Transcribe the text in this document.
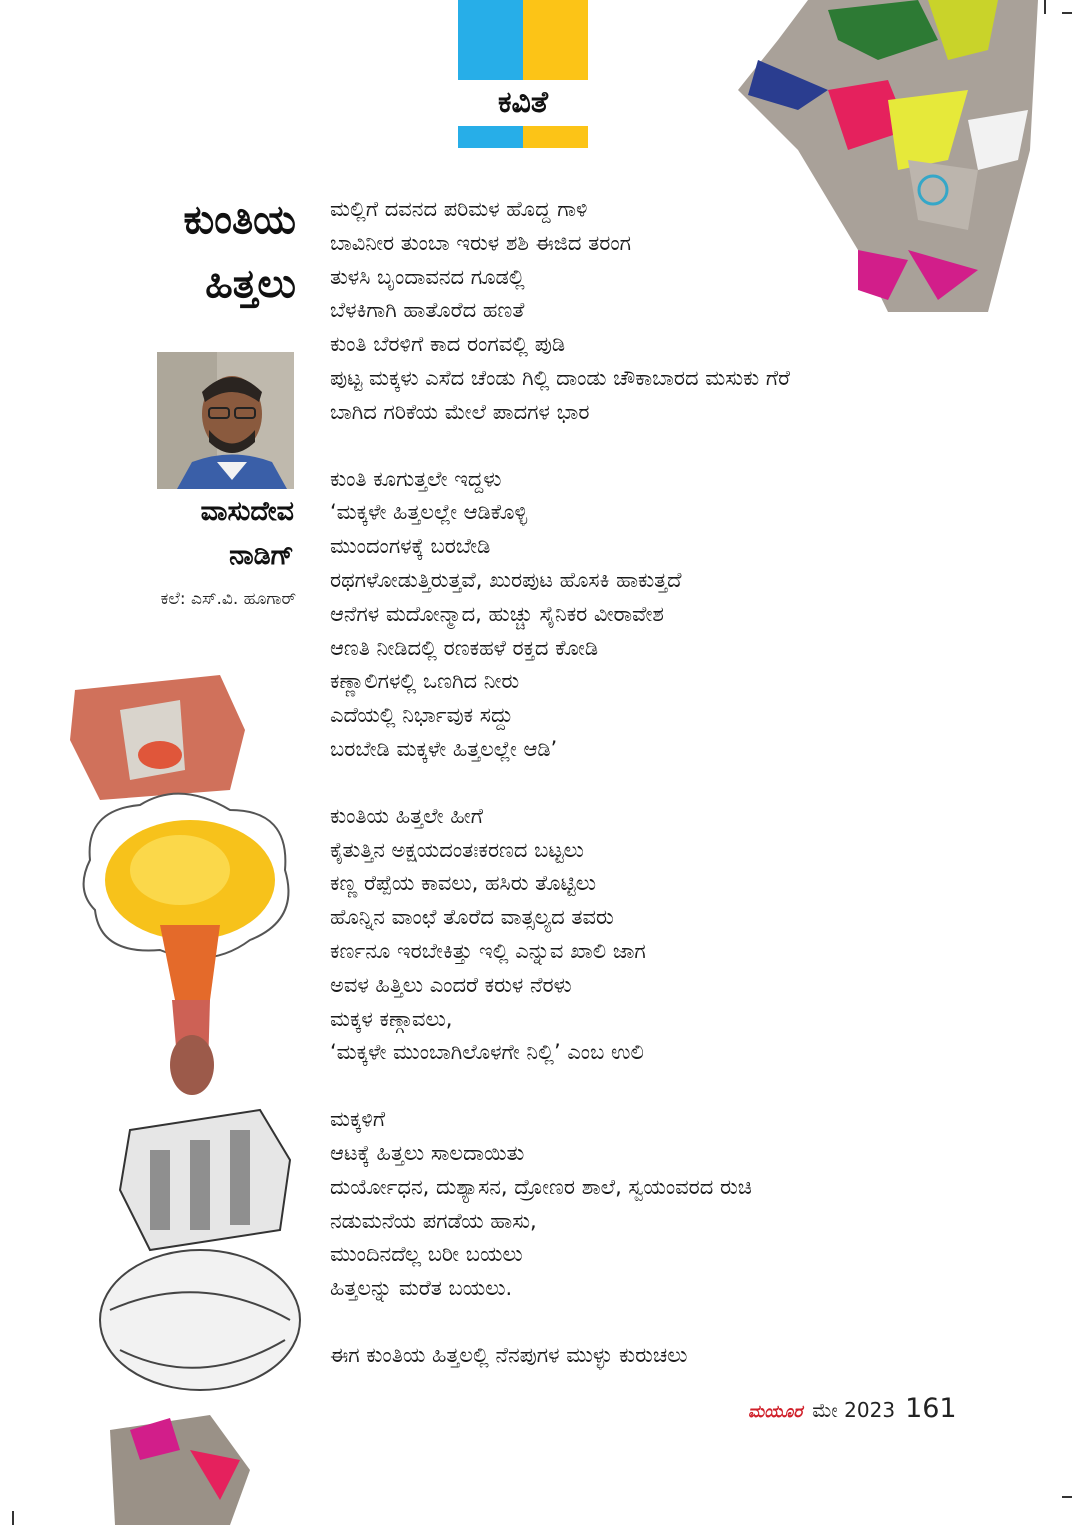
ಕವಿತೆ
ಕುಂತಿಯ
ಹಿತ್ತಲು
ವಾಸುದೇವ
ನಾಡಿಗ್
ಕಲೆ: ಎಸ್‌.ವಿ. ಹೂಗಾರ್
ಮಲ್ಲಿಗೆ ದವನದ ಪರಿಮಳ ಹೊದ್ದ ಗಾಳಿ
ಬಾವಿನೀರ ತುಂಬಾ ಇರುಳ ಶಶಿ ಈಜಿದ ತರಂಗ
ತುಳಸಿ ಬೃಂದಾವನದ ಗೂಡಲ್ಲಿ
ಬೆಳಕಿಗಾಗಿ ಹಾತೊರೆದ ಹಣತೆ
ಕುಂತಿ ಬೆರಳಿಗೆ ಕಾದ ರಂಗವಲ್ಲಿ ಪುಡಿ
ಪುಟ್ಟ ಮಕ್ಕಳು ಎಸೆದ ಚೆಂಡು ಗಿಲ್ಲಿ ದಾಂಡು ಚೌಕಾಬಾರದ ಮಸುಕು ಗೆರೆ
ಬಾಗಿದ ಗರಿಕೆಯ ಮೇಲೆ ಪಾದಗಳ ಭಾರ
ಕುಂತಿ ಕೂಗುತ್ತಲೇ ಇದ್ದಳು
‘ಮಕ್ಕಳೇ ಹಿತ್ತಲಲ್ಲೇ ಆಡಿಕೊಳ್ಳಿ
ಮುಂದಂಗಳಕ್ಕೆ ಬರಬೇಡಿ
ರಥಗಳೋಡುತ್ತಿರುತ್ತವೆ, ಖುರಪುಟ ಹೊಸಕಿ ಹಾಕುತ್ತದೆ
ಆನೆಗಳ ಮದೋನ್ಮಾದ, ಹುಚ್ಚು ಸೈನಿಕರ ವೀರಾವೇಶ
ಆಣತಿ ನೀಡಿದಲ್ಲಿ ರಣಕಹಳೆ ರಕ್ತದ ಕೋಡಿ
ಕಣ್ಣಾಲಿಗಳಲ್ಲಿ ಒಣಗಿದ ನೀರು
ಎದೆಯಲ್ಲಿ ನಿರ್ಭಾವುಕ ಸದ್ದು
ಬರಬೇಡಿ ಮಕ್ಕಳೇ ಹಿತ್ತಲಲ್ಲೇ ಆಡಿ’
ಕುಂತಿಯ ಹಿತ್ತಲೇ ಹೀಗೆ
ಕೈತುತ್ತಿನ ಅಕ್ಷಯದಂತಃಕರಣದ ಬಟ್ಟಲು
ಕಣ್ಣ ರೆಪ್ಪೆಯ ಕಾವಲು, ಹಸಿರು ತೊಟ್ಟಿಲು
ಹೊನ್ನಿನ ವಾಂಛೆ ತೊರೆದ ವಾತ್ಸಲ್ಯದ ತವರು
ಕರ್ಣನೂ ಇರಬೇಕಿತ್ತು ಇಲ್ಲಿ ಎನ್ನುವ ಖಾಲಿ ಜಾಗ
ಅವಳ ಹಿತ್ತಿಲು ಎಂದರೆ ಕರುಳ ನೆರಳು
ಮಕ್ಕಳ ಕಣ್ಗಾವಲು,
‘ಮಕ್ಕಳೇ ಮುಂಬಾಗಿಲೊಳಗೇ ನಿಲ್ಲಿ’ ಎಂಬ ಉಲಿ
ಮಕ್ಕಳಿಗೆ
ಆಟಕ್ಕೆ ಹಿತ್ತಲು ಸಾಲದಾಯಿತು
ದುರ್ಯೋಧನ, ದುಶ್ಯಾಸನ, ದ್ರೋಣರ ಶಾಲೆ, ಸ್ವಯಂವರದ ರುಚಿ
ನಡುಮನೆಯ ಪಗಡೆಯ ಹಾಸು,
ಮುಂದಿನದೆಲ್ಲ ಬರೀ ಬಯಲು
ಹಿತ್ತಲನ್ನು ಮರೆತ ಬಯಲು.
ಈಗ ಕುಂತಿಯ ಹಿತ್ತಲಲ್ಲಿ ನೆನಪುಗಳ ಮುಳ್ಳು ಕುರುಚಲು
ಮಯೂರ ಮೇ 2023 161
